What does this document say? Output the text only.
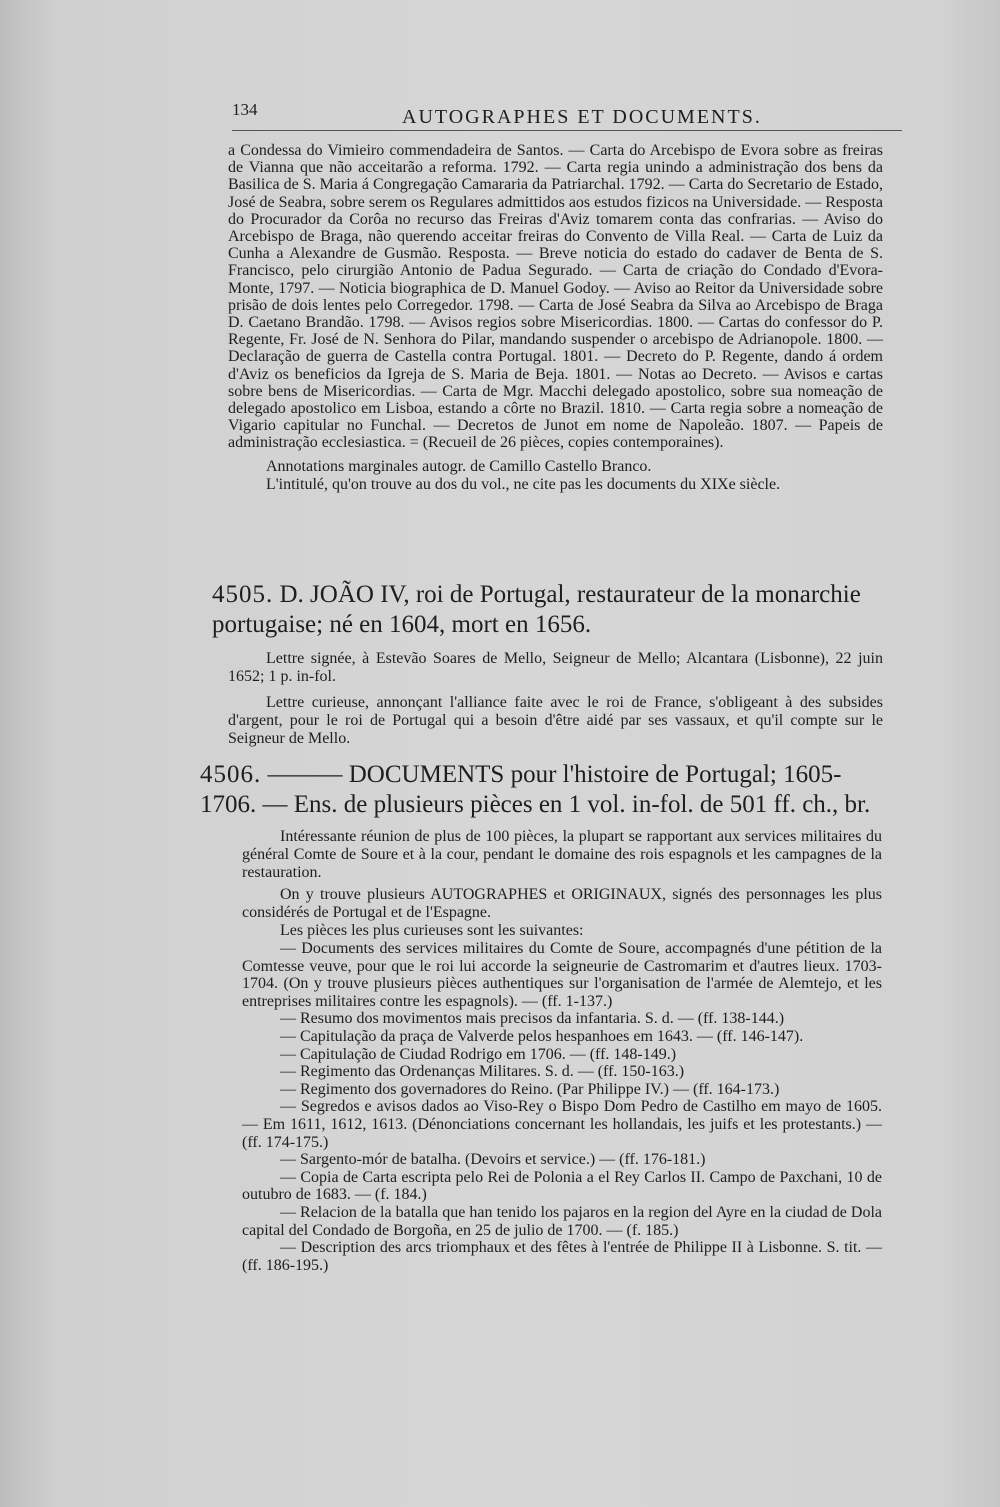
134	AUTOGRAPHES ET DOCUMENTS.

a Condessa do Vimieiro commendadeira de Santos. — Carta do Arcebispo de Evora sobre as freiras de Vianna que não acceitarão a reforma. 1792. — Carta regia unindo a administração dos bens da Basilica de S. Maria á Congregação Camararia da Patriarchal. 1792. — Carta do Secretario de Estado, José de Seabra, sobre serem os Regulares admittidos aos estudos fizicos na Universidade. — Resposta do Procurador da Corôa no recurso das Freiras d'Aviz tomarem conta das confrarias. — Aviso do Arcebispo de Braga, não querendo acceitar freiras do Convento de Villa Real. — Carta de Luiz da Cunha a Alexandre de Gusmão. Resposta. — Breve noticia do estado do cadaver de Benta de S. Francisco, pelo cirurgião Antonio de Padua Segurado. — Carta de criação do Condado d'Evora-Monte, 1797. — Noticia biographica de D. Manuel Godoy. — Aviso ao Reitor da Universidade sobre prisão de dois lentes pelo Corregedor. 1798. — Carta de José Seabra da Silva ao Arcebispo de Braga D. Caetano Brandão. 1798. — Avisos regios sobre Misericordias. 1800. — Cartas do confessor do P. Regente, Fr. José de N. Senhora do Pilar, mandando suspender o arcebispo de Adrianopole. 1800. — Declaração de guerra de Castella contra Portugal. 1801. — Decreto do P. Regente, dando á ordem d'Aviz os beneficios da Igreja de S. Maria de Beja. 1801. — Notas ao Decreto. — Avisos e cartas sobre bens de Misericordias. — Carta de Mgr. Macchi delegado apostolico, sobre sua nomeação de delegado apostolico em Lisboa, estando a côrte no Brazil. 1810. — Carta regia sobre a nomeação de Vigario capitular no Funchal. — Decretos de Junot em nome de Napoleão. 1807. — Papeis de administração ecclesiastica. = (Recueil de 26 pièces, copies contemporaines).

Annotations marginales autogr. de Camillo Castello Branco.

L'intitulé, qu'on trouve au dos du vol., ne cite pas les documents du XIXe siècle.

4505. D. JOÃO IV, roi de Portugal, restaurateur de la monarchie portugaise; né en 1604, mort en 1656.

Lettre signée, à Estevão Soares de Mello, Seigneur de Mello; Alcantara (Lisbonne), 22 juin 1652; 1 p. in-fol.

Lettre curieuse, annonçant l'alliance faite avec le roi de France, s'obligeant à des subsides d'argent, pour le roi de Portugal qui a besoin d'être aidé par ses vassaux, et qu'il compte sur le Seigneur de Mello.

4506. ——— DOCUMENTS pour l'histoire de Portugal; 1605-1706. — Ens. de plusieurs pièces en 1 vol. in-fol. de 501 ff. ch., br.

Intéressante réunion de plus de 100 pièces, la plupart se rapportant aux services militaires du général Comte de Soure et à la cour, pendant le domaine des rois espagnols et les campagnes de la restauration.

On y trouve plusieurs AUTOGRAPHES et ORIGINAUX, signés des personnages les plus considérés de Portugal et de l'Espagne.

Les pièces les plus curieuses sont les suivantes:

— Documents des services militaires du Comte de Soure, accompagnés d'une pétition de la Comtesse veuve, pour que le roi lui accorde la seigneurie de Castromarim et d'autres lieux. 1703-1704. (On y trouve plusieurs pièces authentiques sur l'organisation de l'armée de Alemtejo, et les entreprises militaires contre les espagnols). — (ff. 1-137.)

— Resumo dos movimentos mais precisos da infantaria. S. d. — (ff. 138-144.)

— Capitulação da praça de Valverde pelos hespanhoes em 1643. — (ff. 146-147).

— Capitulação de Ciudad Rodrigo em 1706. — (ff. 148-149.)

— Regimento das Ordenanças Militares. S. d. — (ff. 150-163.)

— Regimento dos governadores do Reino. (Par Philippe IV.) — (ff. 164-173.)

— Segredos e avisos dados ao Viso-Rey o Bispo Dom Pedro de Castilho em mayo de 1605. — Em 1611, 1612, 1613. (Dénonciations concernant les hollandais, les juifs et les protestants.) — (ff. 174-175.)

— Sargento-mór de batalha. (Devoirs et service.) — (ff. 176-181.)

— Copia de Carta escripta pelo Rei de Polonia a el Rey Carlos II. Campo de Paxchani, 10 de outubro de 1683. — (f. 184.)

— Relacion de la batalla que han tenido los pajaros en la region del Ayre en la ciudad de Dola capital del Condado de Borgoña, en 25 de julio de 1700. — (f. 185.)

— Description des arcs triomphaux et des fêtes à l'entrée de Philippe II à Lisbonne. S. tit. — (ff. 186-195.)
